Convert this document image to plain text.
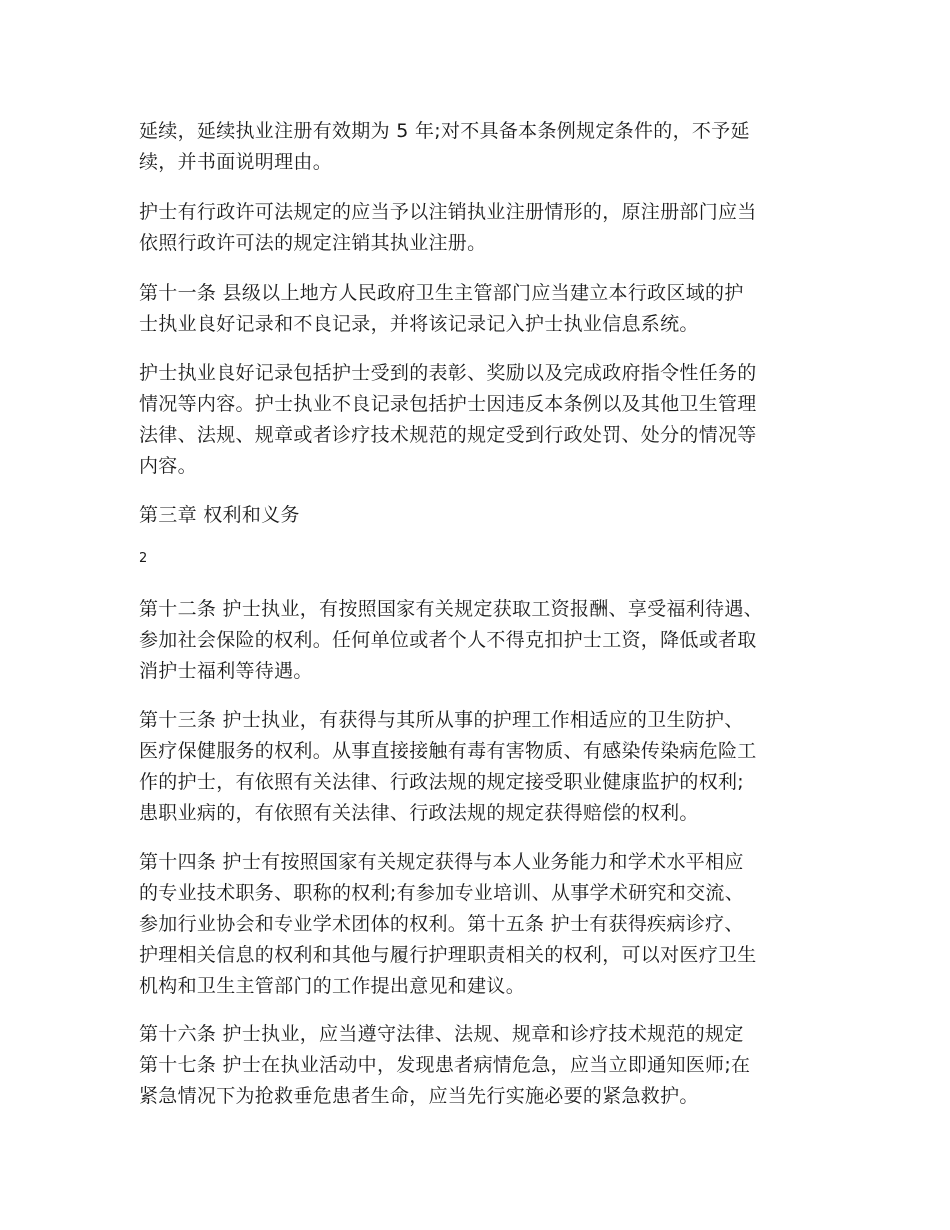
延续，延续执业注册有效期为 5 年;对不具备本条例规定条件的，不予延
续，并书面说明理由。

护士有行政许可法规定的应当予以注销执业注册情形的，原注册部门应当
依照行政许可法的规定注销其执业注册。

第十一条 县级以上地方人民政府卫生主管部门应当建立本行政区域的护
士执业良好记录和不良记录，并将该记录记入护士执业信息系统。

护士执业良好记录包括护士受到的表彰、奖励以及完成政府指令性任务的
情况等内容。护士执业不良记录包括护士因违反本条例以及其他卫生管理
法律、法规、规章或者诊疗技术规范的规定受到行政处罚、处分的情况等
内容。

第三章 权利和义务

2

第十二条 护士执业，有按照国家有关规定获取工资报酬、享受福利待遇、
参加社会保险的权利。任何单位或者个人不得克扣护士工资，降低或者取
消护士福利等待遇。

第十三条 护士执业，有获得与其所从事的护理工作相适应的卫生防护、
医疗保健服务的权利。从事直接接触有毒有害物质、有感染传染病危险工
作的护士，有依照有关法律、行政法规的规定接受职业健康监护的权利;
患职业病的，有依照有关法律、行政法规的规定获得赔偿的权利。

第十四条 护士有按照国家有关规定获得与本人业务能力和学术水平相应
的专业技术职务、职称的权利;有参加专业培训、从事学术研究和交流、
参加行业协会和专业学术团体的权利。第十五条 护士有获得疾病诊疗、
护理相关信息的权利和其他与履行护理职责相关的权利，可以对医疗卫生
机构和卫生主管部门的工作提出意见和建议。

第十六条 护士执业，应当遵守法律、法规、规章和诊疗技术规范的规定
第十七条 护士在执业活动中，发现患者病情危急，应当立即通知医师;在
紧急情况下为抢救垂危患者生命，应当先行实施必要的紧急救护。
